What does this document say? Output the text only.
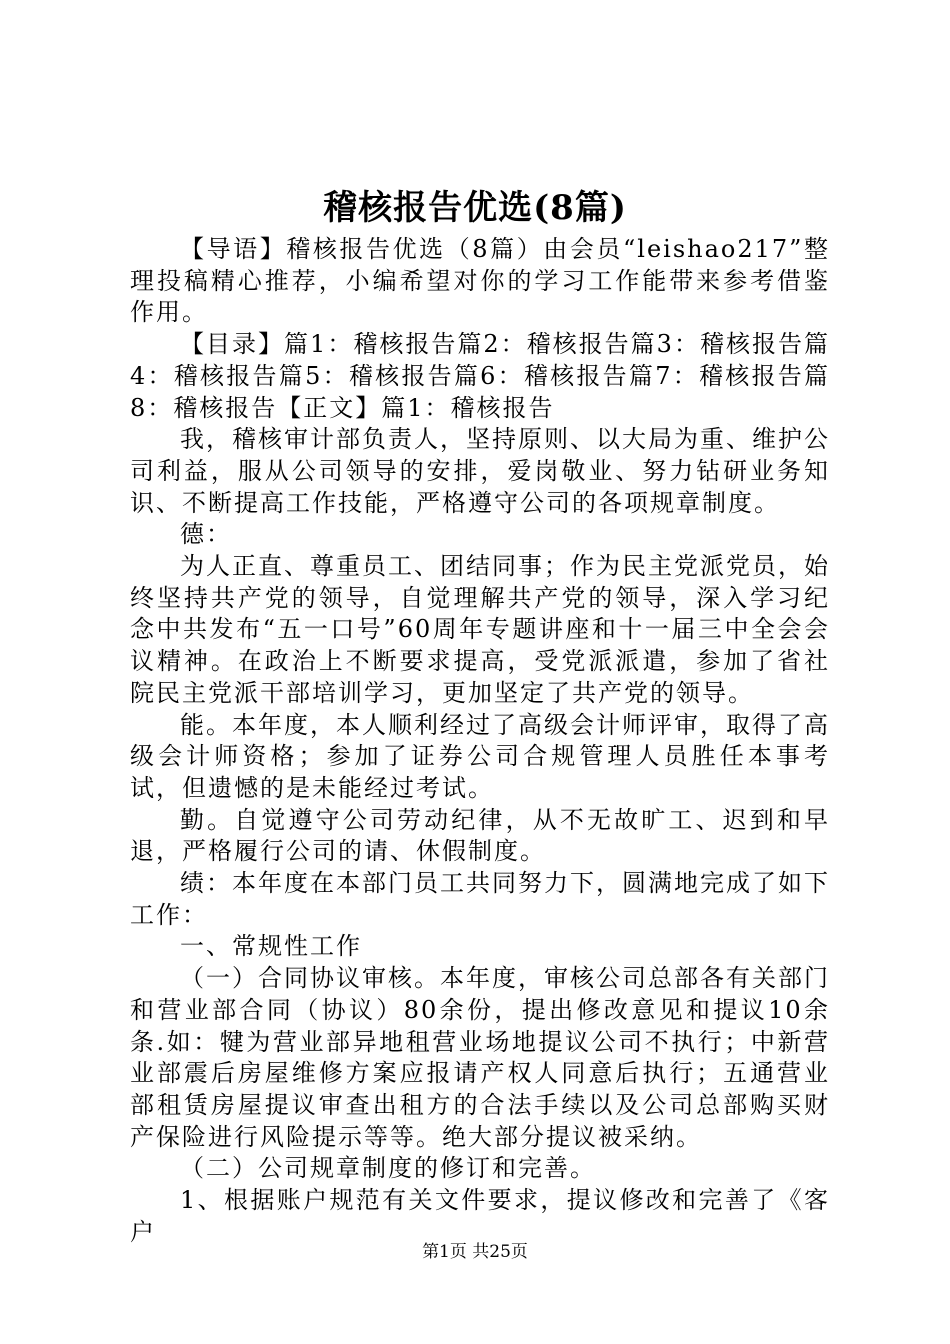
稽核报告优选(8篇)

【导语】稽核报告优选（8篇）由会员“leishao217”整理投稿精心推荐，小编希望对你的学习工作能带来参考借鉴作用。

【目录】篇1：稽核报告篇2：稽核报告篇3：稽核报告篇4：稽核报告篇5：稽核报告篇6：稽核报告篇7：稽核报告篇8：稽核报告【正文】篇1：稽核报告

我，稽核审计部负责人，坚持原则、以大局为重、维护公司利益，服从公司领导的安排，爱岗敬业、努力钻研业务知识、不断提高工作技能，严格遵守公司的各项规章制度。

德：

为人正直、尊重员工、团结同事；作为民主党派党员，始终坚持共产党的领导，自觉理解共产党的领导，深入学习纪念中共发布“五一口号”60周年专题讲座和十一届三中全会会议精神。在政治上不断要求提高，受党派派遣，参加了省社院民主党派干部培训学习，更加坚定了共产党的领导。

能。本年度，本人顺利经过了高级会计师评审，取得了高级会计师资格；参加了证券公司合规管理人员胜任本事考试，但遗憾的是未能经过考试。

勤。自觉遵守公司劳动纪律，从不无故旷工、迟到和早退，严格履行公司的请、休假制度。

绩：本年度在本部门员工共同努力下，圆满地完成了如下工作：

一、常规性工作

（一）合同协议审核。本年度，审核公司总部各有关部门和营业部合同（协议）80余份，提出修改意见和提议10余条.如：犍为营业部异地租营业场地提议公司不执行；中新营业部震后房屋维修方案应报请产权人同意后执行；五通营业部租赁房屋提议审查出租方的合法手续以及公司总部购买财产保险进行风险提示等等。绝大部分提议被采纳。

（二）公司规章制度的修订和完善。

1、根据账户规范有关文件要求，提议修改和完善了《客户

第1页 共25页
